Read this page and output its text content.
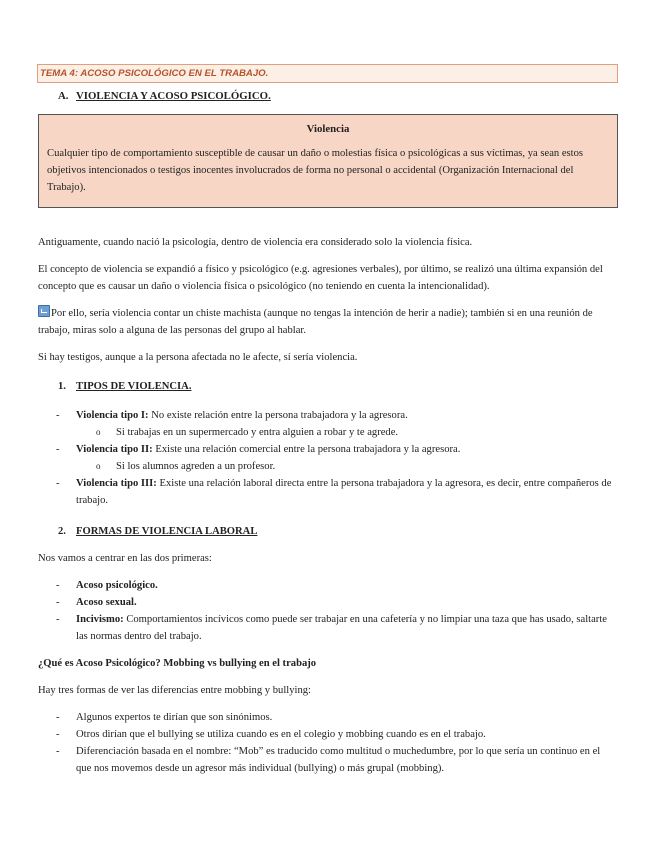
TEMA 4: ACOSO PSICOLÓGICO EN EL TRABAJO.
A. VIOLENCIA Y ACOSO PSICOLÓGICO.
Violencia
Cualquier tipo de comportamiento susceptible de causar un daño o molestias física o psicológicas a sus víctimas, ya sean estos objetivos intencionados o testigos inocentes involucrados de forma no personal o accidental (Organización Internacional del Trabajo).

Antiguamente, cuando nació la psicología, dentro de violencia era considerado solo la violencia física.

El concepto de violencia se expandió a físico y psicológico (e.g. agresiones verbales), por último, se realizó una última expansión del concepto que es causar un daño o violencia física o psicológico (no teniendo en cuenta la intencionalidad).

Por ello, sería violencia contar un chiste machista (aunque no tengas la intención de herir a nadie); también si en una reunión de trabajo, miras solo a alguna de las personas del grupo al hablar.

Si hay testigos, aunque a la persona afectada no le afecte, sí sería violencia.

1. TIPOS DE VIOLENCIA.
- Violencia tipo I: No existe relación entre la persona trabajadora y la agresora.
o Si trabajas en un supermercado y entra alguien a robar y te agrede.
- Violencia tipo II: Existe una relación comercial entre la persona trabajadora y la agresora.
o Si los alumnos agreden a un profesor.
- Violencia tipo III: Existe una relación laboral directa entre la persona trabajadora y la agresora, es decir, entre compañeros de trabajo.
2. FORMAS DE VIOLENCIA LABORAL

Nos vamos a centrar en las dos primeras:

- Acoso psicológico.
- Acoso sexual.
- Incivismo: Comportamientos incívicos como puede ser trabajar en una cafetería y no limpiar una taza que has usado, saltarte las normas dentro del trabajo.

¿Qué es Acoso Psicológico? Mobbing vs bullying en el trabajo

Hay tres formas de ver las diferencias entre mobbing y bullying:

- Algunos expertos te dirían que son sinónimos.
- Otros dirían que el bullying se utiliza cuando es en el colegio y mobbing cuando es en el trabajo.
- Diferenciación basada en el nombre: “Mob” es traducido como multitud o muchedumbre, por lo que sería un continuo en el que nos movemos desde un agresor más individual (bullying) o más grupal (mobbing).
